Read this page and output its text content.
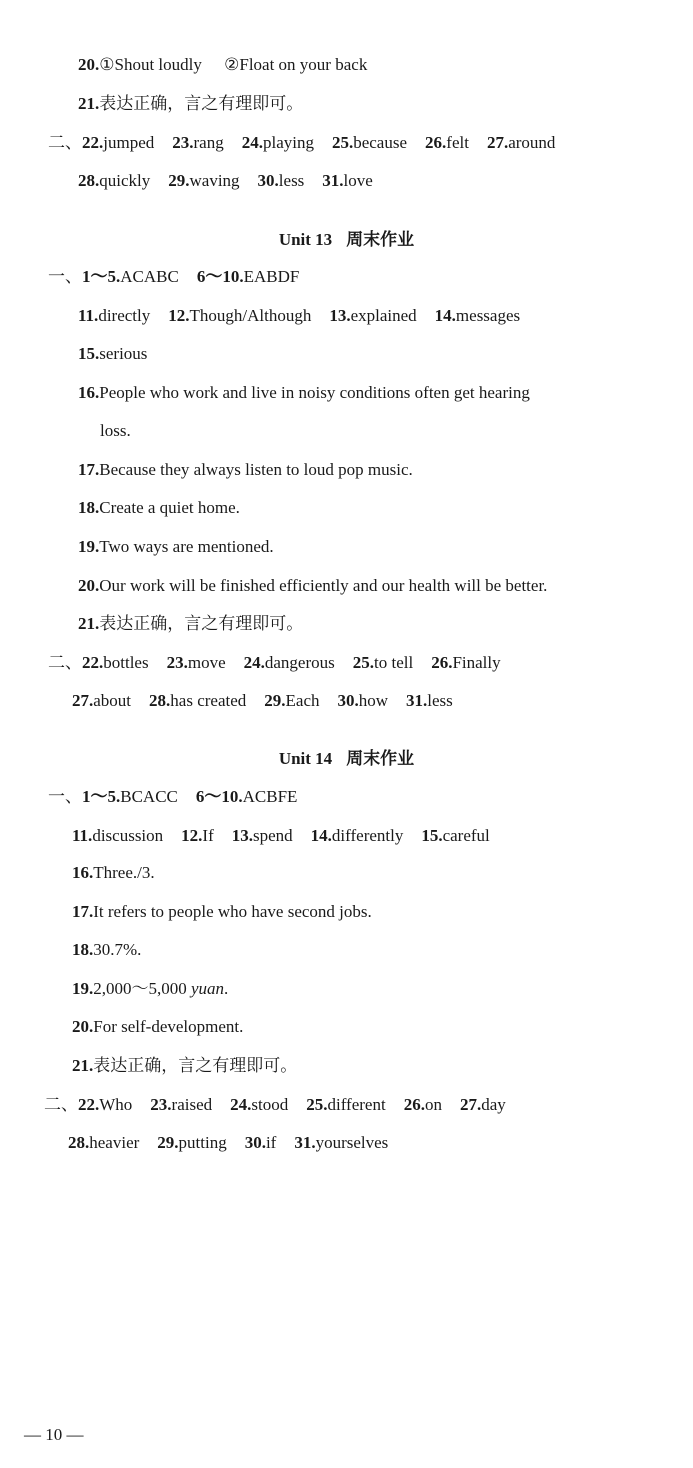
20.①Shout loudly ②Float on your back
21.表达正确，言之有理即可。
二、22.jumped 23.rang 24.playing 25.because 26.felt 27.around
28.quickly 29.waving 30.less 31.love
Unit 13 周末作业
一、1～5.ACABC 6～10.EABDF
11.directly 12.Though/Although 13.explained 14.messages
15.serious
16.People who work and live in noisy conditions often get hearing
loss.
17.Because they always listen to loud pop music.
18.Create a quiet home.
19.Two ways are mentioned.
20.Our work will be finished efficiently and our health will be better.
21.表达正确，言之有理即可。
二、22.bottles 23.move 24.dangerous 25.to tell 26.Finally
27.about 28.has created 29.Each 30.how 31.less
Unit 14 周末作业
一、1～5.BCACC 6～10.ACBFE
11.discussion 12.If 13.spend 14.differently 15.careful
16.Three./3.
17.It refers to people who have second jobs.
18.30.7%.
19.2,000～5,000 yuan.
20.For self-development.
21.表达正确，言之有理即可。
二、22.Who 23.raised 24.stood 25.different 26.on 27.day
28.heavier 29.putting 30.if 31.yourselves
— 10 —
